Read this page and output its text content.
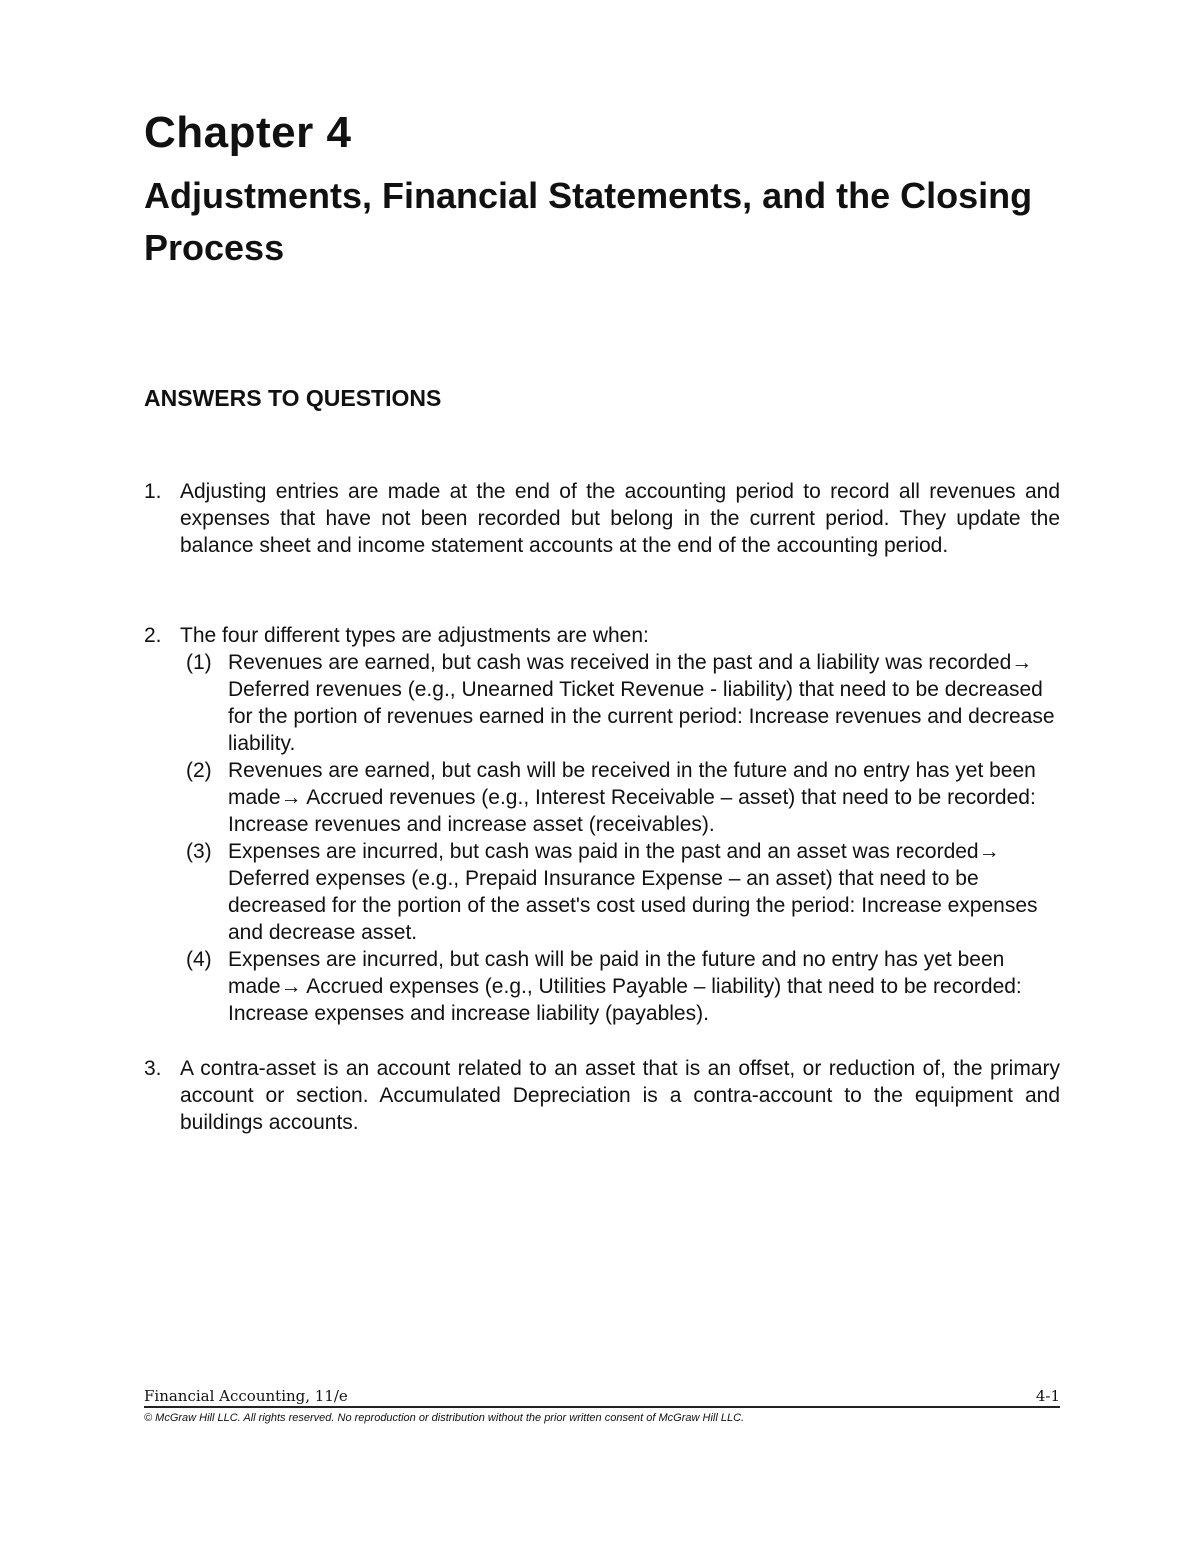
Chapter 4
Adjustments, Financial Statements, and the Closing Process
ANSWERS TO QUESTIONS
1. Adjusting entries are made at the end of the accounting period to record all revenues and expenses that have not been recorded but belong in the current period. They update the balance sheet and income statement accounts at the end of the accounting period.
2. The four different types are adjustments are when:
(1) Revenues are earned, but cash was received in the past and a liability was recorded→ Deferred revenues (e.g., Unearned Ticket Revenue - liability) that need to be decreased for the portion of revenues earned in the current period: Increase revenues and decrease liability.
(2) Revenues are earned, but cash will be received in the future and no entry has yet been made→ Accrued revenues (e.g., Interest Receivable – asset) that need to be recorded: Increase revenues and increase asset (receivables).
(3) Expenses are incurred, but cash was paid in the past and an asset was recorded→ Deferred expenses (e.g., Prepaid Insurance Expense – an asset) that need to be decreased for the portion of the asset's cost used during the period: Increase expenses and decrease asset.
(4) Expenses are incurred, but cash will be paid in the future and no entry has yet been made→ Accrued expenses (e.g., Utilities Payable – liability) that need to be recorded: Increase expenses and increase liability (payables).
3. A contra-asset is an account related to an asset that is an offset, or reduction of, the primary account or section. Accumulated Depreciation is a contra-account to the equipment and buildings accounts.
Financial Accounting, 11/e	4-1
© McGraw Hill LLC. All rights reserved. No reproduction or distribution without the prior written consent of McGraw Hill LLC.
